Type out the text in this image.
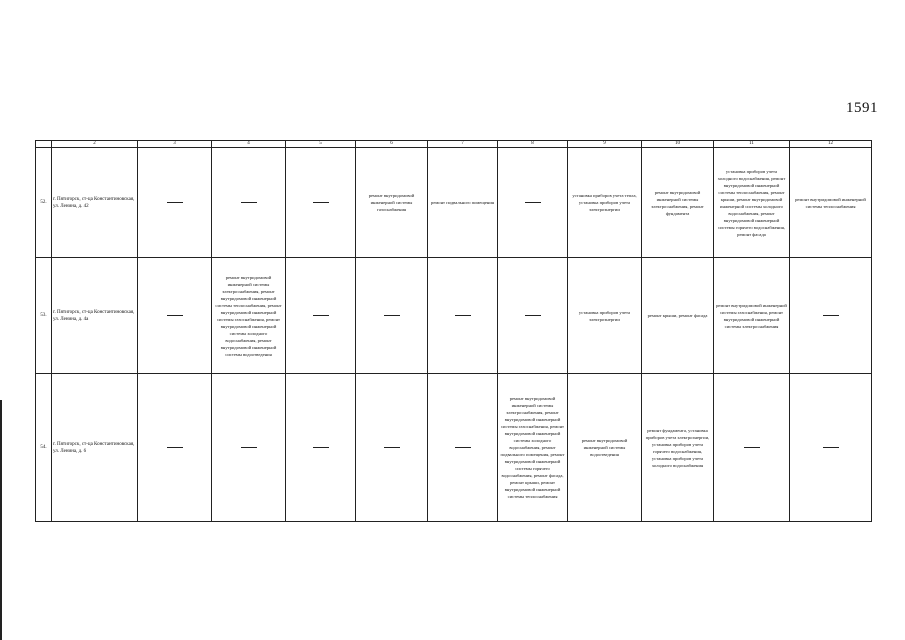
1591
	2	3	4	5	6	7	8	9	10	11	12
52.	г. Пятигорск, ст-ца Константиновская, ул. Ленина, д. 42				ремонт внутридомовой инженерной системы газоснабжения	ремонт подвального помещения		установка приборов учета тепла, установка приборов учета электроэнергии	ремонт внутридомовой инженерной системы электроснабжения, ремонт фундамента	установка приборов учета холодного водоснабжения, ремонт внутридомовой инженерной системы теплоснабжения, ремонт крыши, ремонт внутридомовой инженерной системы холодного водоснабжения, ремонт внутридомовой инженерной системы горячего водоснабжения, ремонт фасада	ремонт внутридомовой инженерной системы теплоснабжения
53.	г. Пятигорск, ст-ца Константиновская, ул. Ленина, д. 4а		ремонт внутридомовой инженерной системы электроснабжения, ремонт внутридомовой инженерной системы теплоснабжения, ремонт внутридомовой инженерной системы газоснабжения, ремонт внутридомовой инженерной системы холодного водоснабжения, ремонт внутридомовой инженерной системы водоотведения					установка приборов учета электроэнергии	ремонт крыши, ремонт фасада	ремонт внутридомовой инженерной системы газоснабжения, ремонт внутридомовой инженерной системы электроснабжения	
54.	г. Пятигорск, ст-ца Константиновская, ул. Ленина, д. 6						ремонт внутридомовой инженерной системы электроснабжения, ремонт внутридомовой инженерной системы газоснабжения, ремонт внутридомовой инженерной системы холодного водоснабжения, ремонт подвального помещения, ремонт внутридомовой инженерной системы горячего водоснабжения, ремонт фасада, ремонт крыши, ремонт внутридомовой инженерной системы теплоснабжения	ремонт внутридомовой инженерной системы водоотведения	ремонт фундамента, установка приборов учета электроэнергии, установка приборов учета горячего водоснабжения, установка приборов учета холодного водоснабжения		
